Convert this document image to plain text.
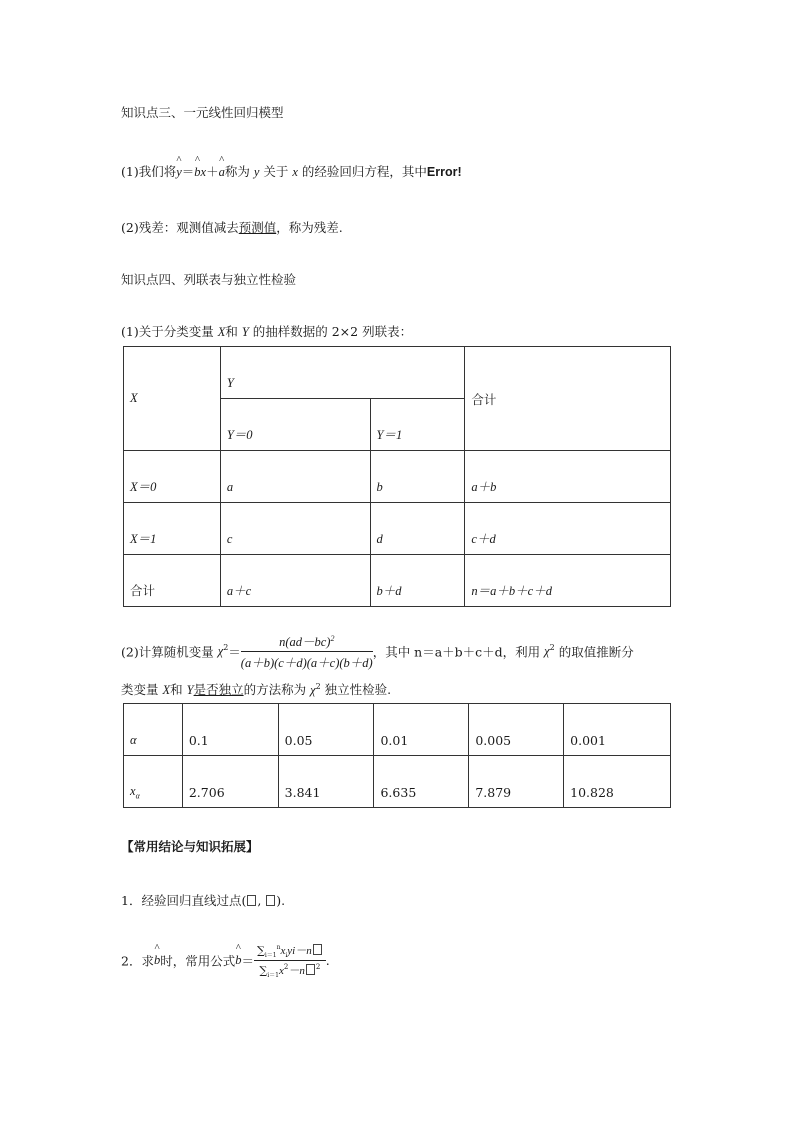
知识点三、一元线性回归模型
(1)我们将^ y＝^ bx＋^ a称为 y 关于 x 的经验回归方程，其中Error!
(2)残差：观测值减去预测值，称为残差.
知识点四、列联表与独立性检验
(1)关于分类变量 X和 Y 的抽样数据的 2×2 列联表：
X	Y		合计
	Y＝0	Y＝1	
X＝0	a	b	a＋b
X＝1	c	d	c＋d
合计	a＋c	b＋d	n＝a＋b＋c＋d
(2)计算随机变量 $\chi^2= \frac{n(ad-bc)^2}{(a+b)(c+d)(a+c)(b+d)}$ ，其中 n＝a＋b＋c＋d，利用 $\chi^2$ 的取值推断分
类变量 X和 Y是否独立的方法称为 $\chi^2$ 独立性检验.
α	0.1	0.05	0.01	0.005	0.001
$x_\alpha$	2.706	3.841	6.635	7.879	10.828
【常用结论与知识拓展】
1．经验回归直线过点( , ).
2．求^ b时，常用公式^ $b= \frac{\sum_{i=1}^nx_iyi-n}{\sum_{i=1}x^2-n ^2}$ .
